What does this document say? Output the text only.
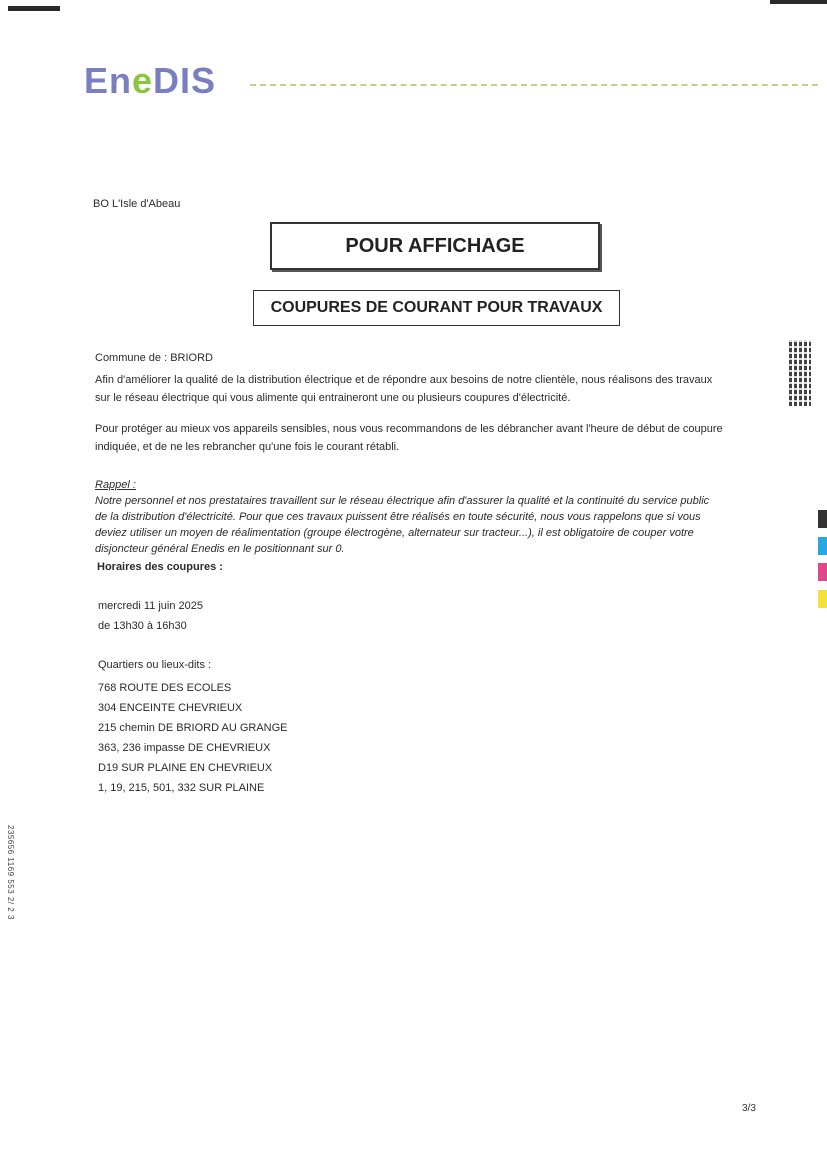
EneDIS
BO L'Isle d'Abeau
POUR AFFICHAGE
COUPURES DE COURANT POUR TRAVAUX
Commune de : BRIORD
Afin d'améliorer la qualité de la distribution électrique et de répondre aux besoins de notre clientèle, nous réalisons des travaux
sur le réseau électrique qui vous alimente qui entraineront une ou plusieurs coupures d'électricité.
Pour protéger au mieux vos appareils sensibles, nous vous recommandons de les débrancher avant l'heure de début de coupure
indiquée, et de ne les rebrancher qu'une fois le courant rétabli.
Rappel :
Notre personnel et nos prestataires travaillent sur le réseau électrique afin d'assurer la qualité et la continuité du service public
de la distribution d'électricité. Pour que ces travaux puissent être réalisés en toute sécurité, nous vous rappelons que si vous
deviez utiliser un moyen de réalimentation (groupe électrogène, alternateur sur tracteur...), il est obligatoire de couper votre
disjoncteur général Enedis en le positionnant sur 0.
Horaires des coupures :
mercredi 11 juin 2025
de 13h30 à 16h30
Quartiers ou lieux-dits :
768 ROUTE DES ECOLES
304 ENCEINTE CHEVRIEUX
215 chemin DE BRIORD AU GRANGE
363, 236 impasse DE CHEVRIEUX
D19 SUR PLAINE EN CHEVRIEUX
1, 19, 215, 501, 332 SUR PLAINE
235656 1169 553 2/ 2 3
3/3
